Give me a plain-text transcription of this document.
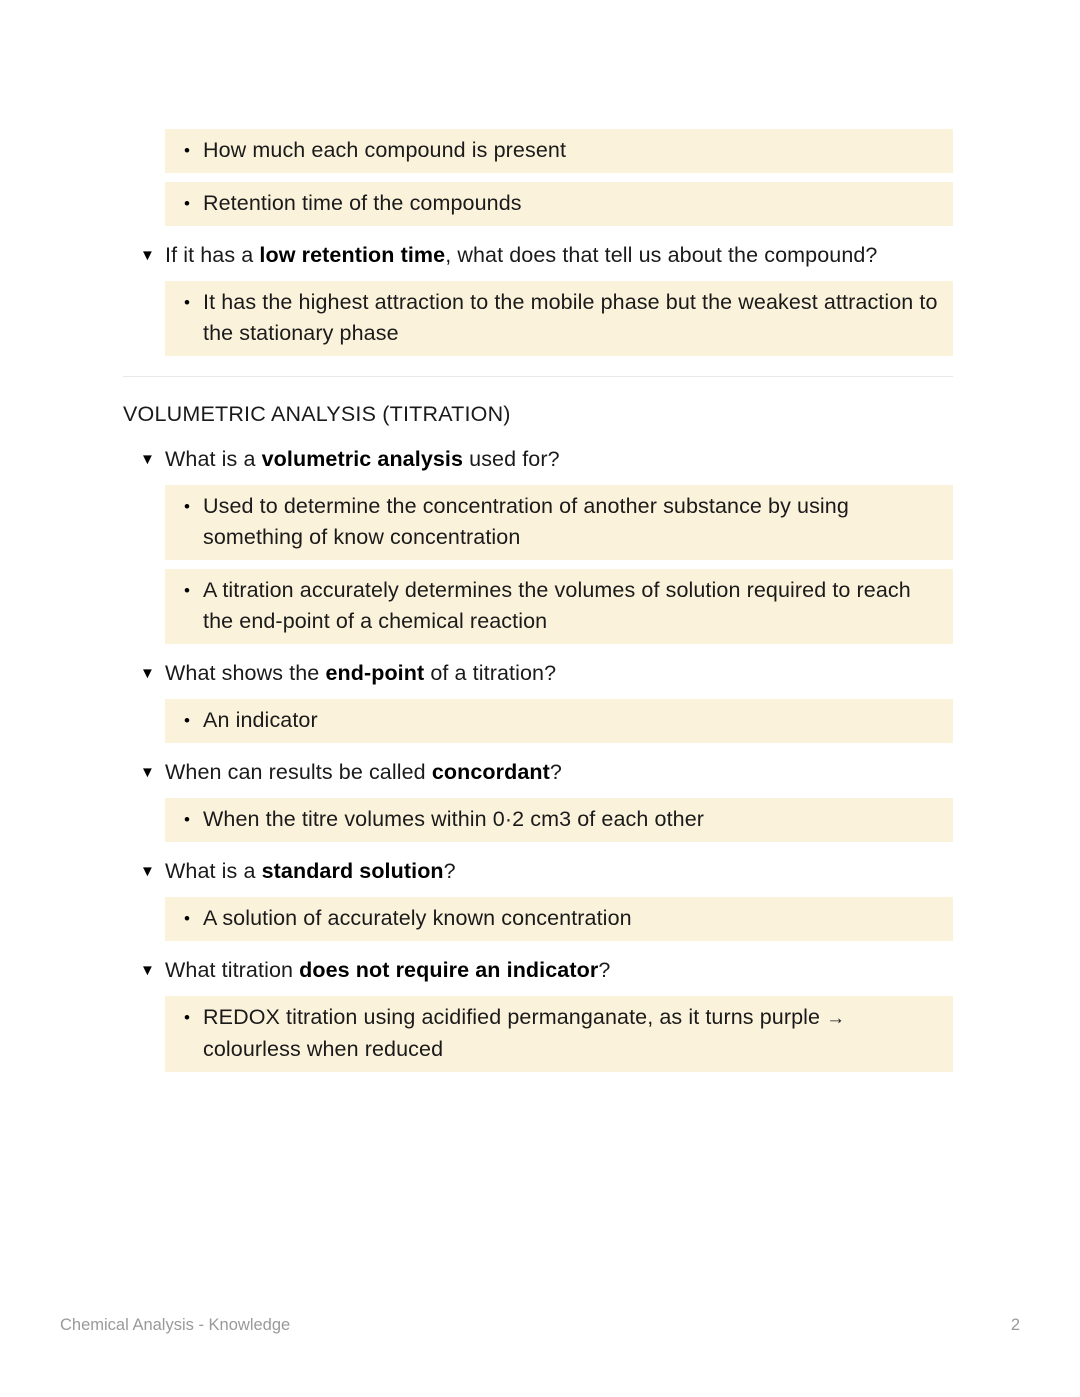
• How much each compound is present
• Retention time of the compounds
▼ If it has a low retention time, what does that tell us about the compound?
• It has the highest attraction to the mobile phase but the weakest attraction to the stationary phase
VOLUMETRIC ANALYSIS (TITRATION)
▼ What is a volumetric analysis used for?
• Used to determine the concentration of another substance by using something of know concentration
• A titration accurately determines the volumes of solution required to reach the end-point of a chemical reaction
▼ What shows the end-point of a titration?
• An indicator
▼ When can results be called concordant?
• When the titre volumes within 0·2 cm3 of each other
▼ What is a standard solution?
• A solution of accurately known concentration
▼ What titration does not require an indicator?
• REDOX titration using acidified permanganate, as it turns purple → colourless when reduced
Chemical Analysis - Knowledge	2
